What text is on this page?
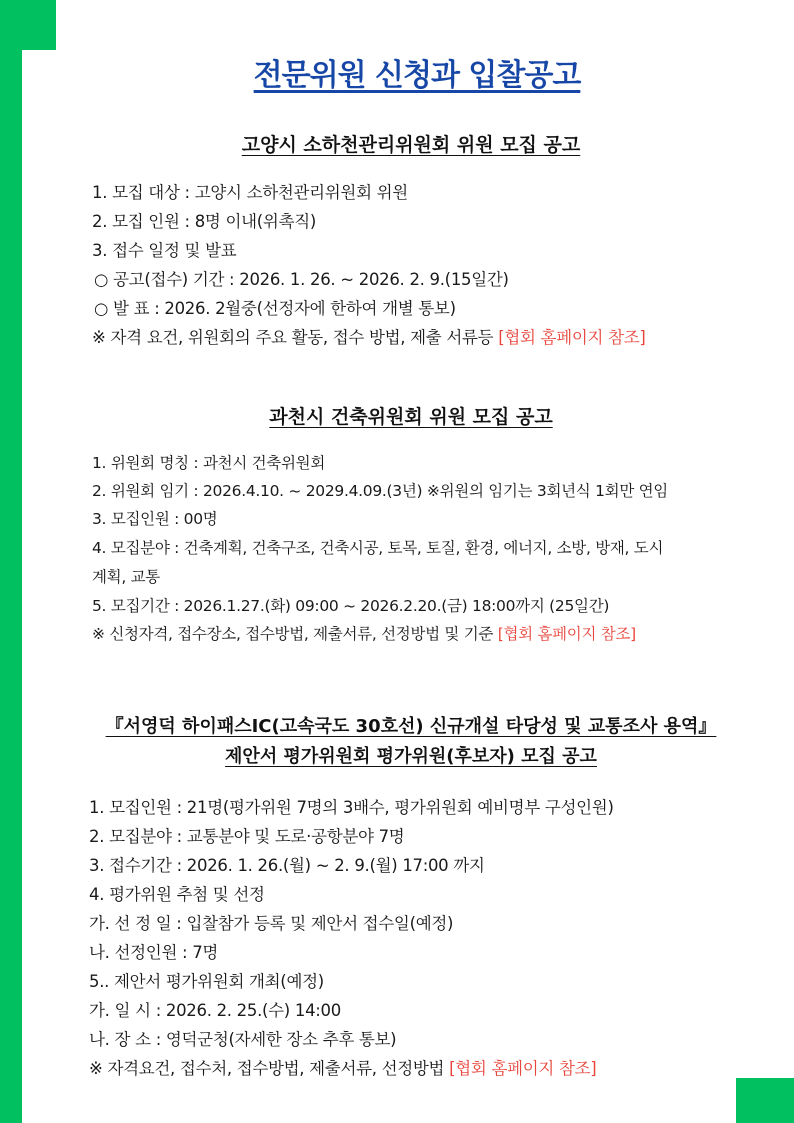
전문위원 신청과 입찰공고
고양시 소하천관리위원회 위원 모집 공고
1. 모집 대상 : 고양시 소하천관리위원회 위원
2. 모집 인원 : 8명 이내(위촉직)
3. 접수 일정 및 발표
○ 공고(접수) 기간 : 2026. 1. 26. ~ 2026. 2. 9.(15일간)
○ 발 표 : 2026. 2월중(선정자에 한하여 개별 통보)
※ 자격 요건, 위원회의 주요 활동, 접수 방법, 제출 서류등 [협회 홈페이지 참조]
과천시 건축위원회 위원 모집 공고
1. 위원회 명칭 : 과천시 건축위원회
2. 위원회 임기 : 2026.4.10. ~ 2029.4.09.(3년) ※위원의 임기는 3회년식 1회만 연임
3. 모집인원 : 00명
4. 모집분야 : 건축계획, 건축구조, 건축시공, 토목, 토질, 환경, 에너지, 소방, 방재, 도시
계획, 교통
5. 모집기간 : 2026.1.27.(화) 09:00 ~ 2026.2.20.(금) 18:00까지 (25일간)
※ 신청자격, 접수장소, 접수방법, 제출서류, 선정방법 및 기준 [협회 홈페이지 참조]
『서영덕 하이패스IC(고속국도 30호선) 신규개설 타당성 및 교통조사 용역』
제안서 평가위원회 평가위원(후보자) 모집 공고
1. 모집인원 : 21명(평가위원 7명의 3배수, 평가위원회 예비명부 구성인원)
2. 모집분야 : 교통분야 및 도로·공항분야 7명
3. 접수기간 : 2026. 1. 26.(월) ~ 2. 9.(월) 17:00 까지
4. 평가위원 추첨 및 선정
가. 선 정 일 : 입찰참가 등록 및 제안서 접수일(예정)
나. 선정인원 : 7명
5.. 제안서 평가위원회 개최(예정)
가. 일 시 : 2026. 2. 25.(수) 14:00
나. 장 소 : 영덕군청(자세한 장소 추후 통보)
※ 자격요건, 접수처, 접수방법, 제출서류, 선정방법 [협회 홈페이지 참조]
